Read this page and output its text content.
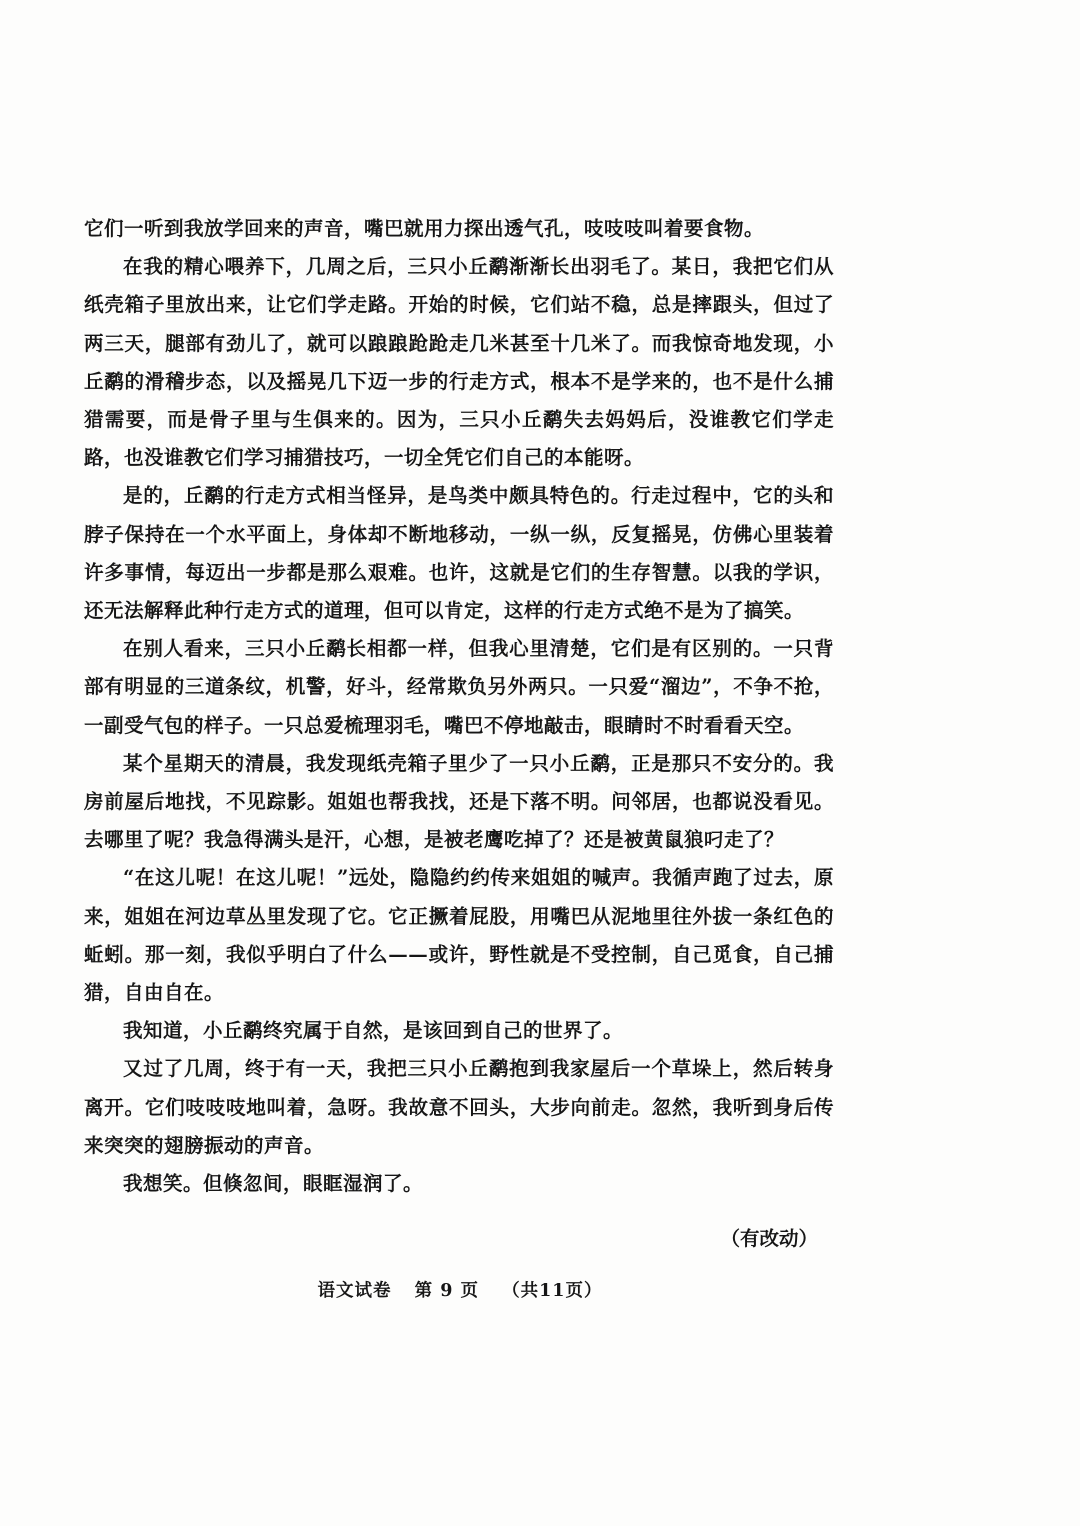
它们一听到我放学回来的声音，嘴巴就用力探出透气孔，吱吱吱叫着要食物。

在我的精心喂养下，几周之后，三只小丘鹬渐渐长出羽毛了。某日，我把它们从纸壳箱子里放出来，让它们学走路。开始的时候，它们站不稳，总是摔跟头，但过了两三天，腿部有劲儿了，就可以踉踉跄跄走几米甚至十几米了。而我惊奇地发现，小丘鹬的滑稽步态，以及摇晃几下迈一步的行走方式，根本不是学来的，也不是什么捕猎需要，而是骨子里与生俱来的。因为，三只小丘鹬失去妈妈后，没谁教它们学走路，也没谁教它们学习捕猎技巧，一切全凭它们自己的本能呀。

是的，丘鹬的行走方式相当怪异，是鸟类中颇具特色的。行走过程中，它的头和脖子保持在一个水平面上，身体却不断地移动，一纵一纵，反复摇晃，仿佛心里装着许多事情，每迈出一步都是那么艰难。也许，这就是它们的生存智慧。以我的学识，还无法解释此种行走方式的道理，但可以肯定，这样的行走方式绝不是为了搞笑。

在别人看来，三只小丘鹬长相都一样，但我心里清楚，它们是有区别的。一只背部有明显的三道条纹，机警，好斗，经常欺负另外两只。一只爱“溜边”，不争不抢，一副受气包的样子。一只总爱梳理羽毛，嘴巴不停地敲击，眼睛时不时看看天空。

某个星期天的清晨，我发现纸壳箱子里少了一只小丘鹬，正是那只不安分的。我房前屋后地找，不见踪影。姐姐也帮我找，还是下落不明。问邻居，也都说没看见。去哪里了呢？我急得满头是汗，心想，是被老鹰吃掉了？还是被黄鼠狼叼走了？

“在这儿呢！在这儿呢！”远处，隐隐约约传来姐姐的喊声。我循声跑了过去，原来，姐姐在河边草丛里发现了它。它正撅着屁股，用嘴巴从泥地里往外拔一条红色的蚯蚓。那一刻，我似乎明白了什么——或许，野性就是不受控制，自己觅食，自己捕猎，自由自在。

我知道，小丘鹬终究属于自然，是该回到自己的世界了。

又过了几周，终于有一天，我把三只小丘鹬抱到我家屋后一个草垛上，然后转身离开。它们吱吱吱地叫着，急呀。我故意不回头，大步向前走。忽然，我听到身后传来突突的翅膀振动的声音。

我想笑。但倏忽间，眼眶湿润了。

（有改动）
语文试卷 第 9 页 （共11页）
